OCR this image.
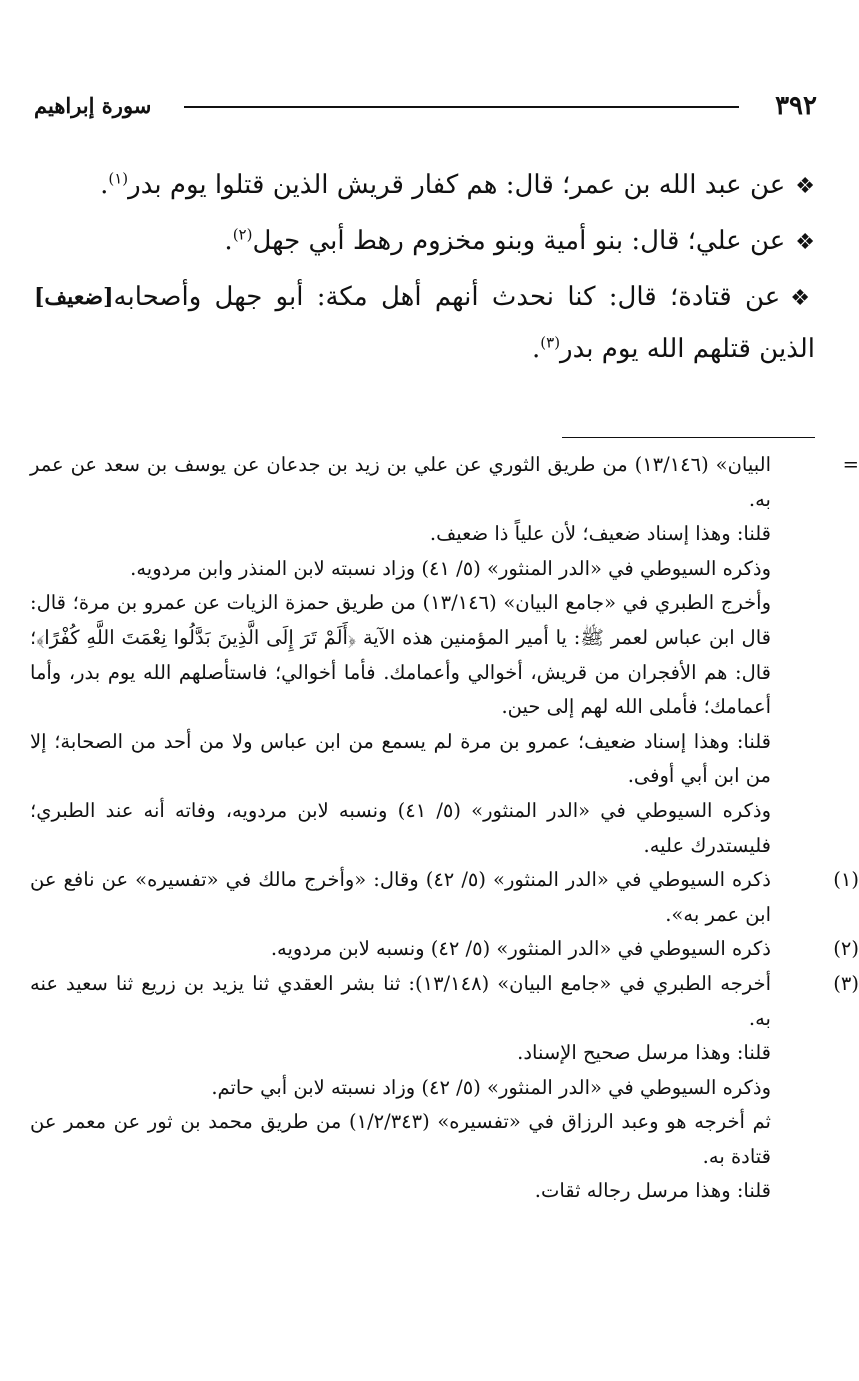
٣٩٢
سورة إبراهيم

❖عن عبد الله بن عمر؛ قال: هم كفار قريش الذين قتلوا يوم بدر$^{(١)}$.

❖عن علي؛ قال: بنو أمية وبنو مخزوم رهط أبي جهل$^{(٢)}$.

[ضعيف]	❖عن قتادة؛ قال: كنا نحدث أنهم أهل مكة: أبو جهل وأصحابه الذين قتلهم الله يوم بدر$^{(٣)}$.

=
البيان» (١٣/١٤٦) من طريق الثوري عن علي بن زيد بن جدعان عن يوسف بن سعد عن عمر به.

قلنا: وهذا إسناد ضعيف؛ لأن علياً ذا ضعيف.

وذكره السيوطي في «الدر المنثور» (٥/ ٤١) وزاد نسبته لابن المنذر وابن مردويه.

وأخرج الطبري في «جامع البيان» (١٣/١٤٦) من طريق حمزة الزيات عن عمرو بن مرة؛ قال: قال ابن عباس لعمر ﷺ: يا أمير المؤمنين هذه الآية ﴿أَلَمْ تَرَ إِلَى الَّذِينَ بَدَّلُوا نِعْمَتَ اللَّهِ كُفْرًا﴾؛ قال: هم الأفجران من قريش، أخوالي وأعمامك. فأما أخوالي؛ فاستأصلهم الله يوم بدر، وأما أعمامك؛ فأملى الله لهم إلى حين.

قلنا: وهذا إسناد ضعيف؛ عمرو بن مرة لم يسمع من ابن عباس ولا من أحد من الصحابة؛ إلا من ابن أبي أوفى.

وذكره السيوطي في «الدر المنثور» (٥/ ٤١) ونسبه لابن مردويه، وفاته أنه عند الطبري؛ فليستدرك عليه.

(١)
ذكره السيوطي في «الدر المنثور» (٥/ ٤٢) وقال: «وأخرج مالك في «تفسيره» عن نافع عن ابن عمر به».

(٢)
ذكره السيوطي في «الدر المنثور» (٥/ ٤٢) ونسبه لابن مردويه.

(٣)
أخرجه الطبري في «جامع البيان» (١٣/١٤٨): ثنا بشر العقدي ثنا يزيد بن زريع ثنا سعيد عنه به.

قلنا: وهذا مرسل صحيح الإسناد.

وذكره السيوطي في «الدر المنثور» (٥/ ٤٢) وزاد نسبته لابن أبي حاتم.

ثم أخرجه هو وعبد الرزاق في «تفسيره» (١/٢/٣٤٣) من طريق محمد بن ثور عن معمر عن قتادة به.

قلنا: وهذا مرسل رجاله ثقات.
